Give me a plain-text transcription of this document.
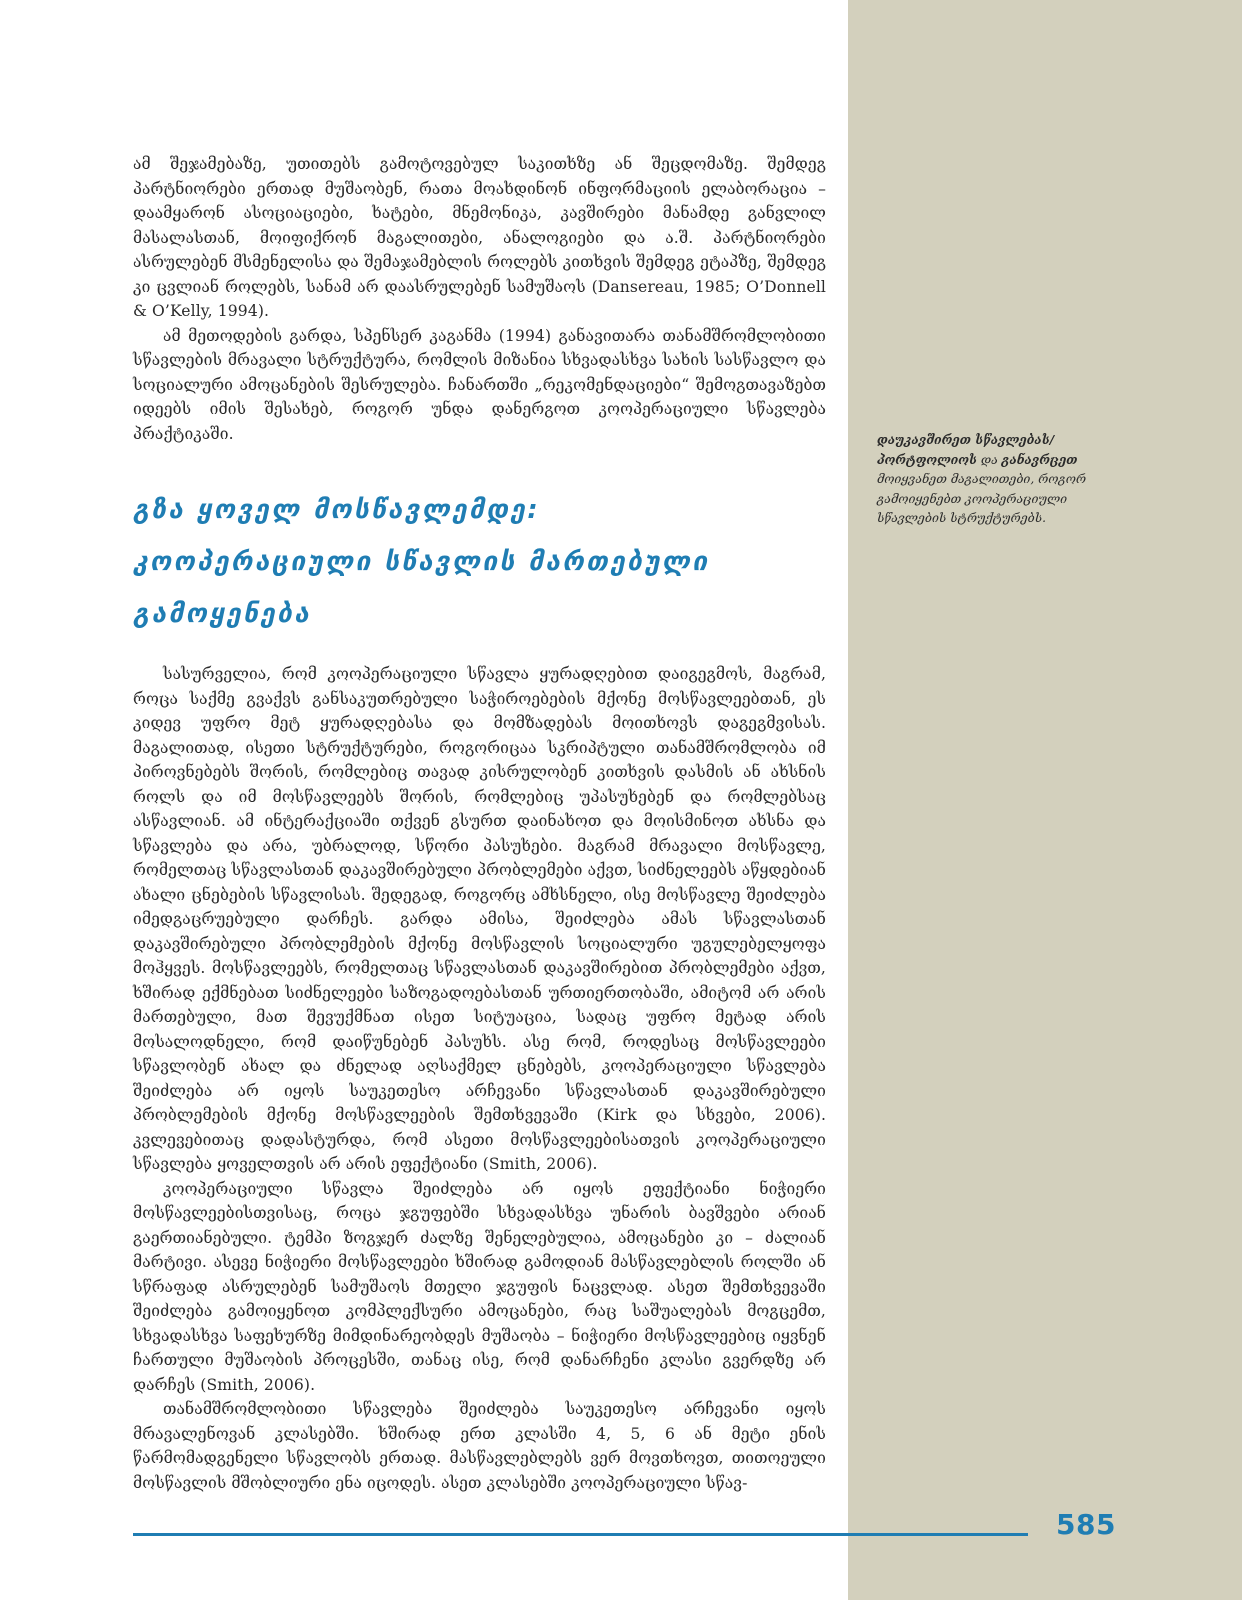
ამ შეჯამებაზე, უთითებს გამოტოვებულ საკითხზე ან შეცდომაზე. შემდეგ პარტნიორები ერთად მუშაობენ, რათა მოახდინონ ინფორმაციის ელაბორაცია – დაამყარონ ასოციაციები, ხატები, მნემონიკა, კავშირები მანამდე განვლილ მასალასთან, მოიფიქრონ მაგალითები, ანალოგიები და ა.შ. პარტნიორები ასრულებენ მსმენელისა და შემაჯამებლის როლებს კითხვის შემდეგ ეტაპზე, შემდეგ კი ცვლიან როლებს, სანამ არ დაასრულებენ სამუშაოს (Dansereau, 1985; O’Donnell & O’Kelly, 1994).

ამ მეთოდების გარდა, სპენსერ კაგანმა (1994) განავითარა თანამშრომლობითი სწავლების მრავალი სტრუქტურა, რომლის მიზანია სხვადასხვა სახის სასწავლო და სოციალური ამოცანების შესრულება. ჩანართში „რეკომენდაციები“ შემოგთავაზებთ იდეებს იმის შესახებ, როგორ უნდა დანერგოთ კოოპერაციული სწავლება პრაქტიკაში.

გზა ყოველ მოსწავლემდე:
კოოპერაციული სწავლის მართებული გამოყენება

სასურველია, რომ კოოპერაციული სწავლა ყურადღებით დაიგეგმოს, მაგრამ, როცა საქმე გვაქვს განსაკუთრებული საჭიროებების მქონე მოსწავლეებთან, ეს კიდევ უფრო მეტ ყურადღებასა და მომზადებას მოითხოვს დაგეგმვისას. მაგალითად, ისეთი სტრუქტურები, როგორიცაა სკრიპტული თანამშრომლობა იმ პიროვნებებს შორის, რომლებიც თავად კისრულობენ კითხვის დასმის ან ახსნის როლს და იმ მოსწავლეებს შორის, რომლებიც უპასუხებენ და რომლებსაც ასწავლიან. ამ ინტერაქციაში თქვენ გსურთ დაინახოთ და მოისმინოთ ახსნა და სწავლება და არა, უბრალოდ, სწორი პასუხები. მაგრამ მრავალი მოსწავლე, რომელთაც სწავლასთან დაკავშირებული პრობლემები აქვთ, სიძნელეებს აწყდებიან ახალი ცნებების სწავლისას. შედეგად, როგორც ამხსნელი, ისე მოსწავლე შეიძლება იმედგაცრუებული დარჩეს. გარდა ამისა, შეიძლება ამას სწავლასთან დაკავშირებული პრობლემების მქონე მოსწავლის სოციალური უგულებელყოფა მოჰყვეს. მოსწავლეებს, რომელთაც სწავლასთან დაკავშირებით პრობლემები აქვთ, ხშირად ექმნებათ სიძნელეები საზოგადოებასთან ურთიერთობაში, ამიტომ არ არის მართებული, მათ შევუქმნათ ისეთ სიტუაცია, სადაც უფრო მეტად არის მოსალოდნელი, რომ დაიწუნებენ პასუხს. ასე რომ, როდესაც მოსწავლეები სწავლობენ ახალ და ძნელად აღსაქმელ ცნებებს, კოოპერაციული სწავლება შეიძლება არ იყოს საუკეთესო არჩევანი სწავლასთან დაკავშირებული პრობლემების მქონე მოსწავლეების შემთხვევაში (Kirk და სხვები, 2006). კვლევებითაც დადასტურდა, რომ ასეთი მოსწავლეებისათვის კოოპერაციული სწავლება ყოველთვის არ არის ეფექტიანი (Smith, 2006).

კოოპერაციული სწავლა შეიძლება არ იყოს ეფექტიანი ნიჭიერი მოსწავლეებისთვისაც, როცა ჯგუფებში სხვადასხვა უნარის ბავშვები არიან გაერთიანებული. ტემპი ზოგჯერ ძალზე შენელებულია, ამოცანები კი – ძალიან მარტივი. ასევე ნიჭიერი მოსწავლეები ხშირად გამოდიან მასწავლებლის როლში ან სწრაფად ასრულებენ სამუშაოს მთელი ჯგუფის ნაცვლად. ასეთ შემთხვევაში შეიძლება გამოიყენოთ კომპლექსური ამოცანები, რაც საშუალებას მოგცემთ, სხვადასხვა საფეხურზე მიმდინარეობდეს მუშაობა – ნიჭიერი მოსწავლეებიც იყვნენ ჩართული მუშაობის პროცესში, თანაც ისე, რომ დანარჩენი კლასი გვერდზე არ დარჩეს (Smith, 2006).

თანამშრომლობითი სწავლება შეიძლება საუკეთესო არჩევანი იყოს მრავალენოვან კლასებში. ხშირად ერთ კლასში 4, 5, 6 ან მეტი ენის წარმომადგენელი სწავლობს ერთად. მასწავლებლებს ვერ მოვთხოვთ, თითოეული მოსწავლის მშობლიური ენა იცოდეს. ასეთ კლასებში კოოპერაციული სწავ-

დაუკავშირეთ სწავლებას/ პორტფოლიოს და განავრცეთ
მოიყვანეთ მაგალითები, როგორ გამოიყენებთ კოოპერაციული სწავლების სტრუქტურებს.
585
